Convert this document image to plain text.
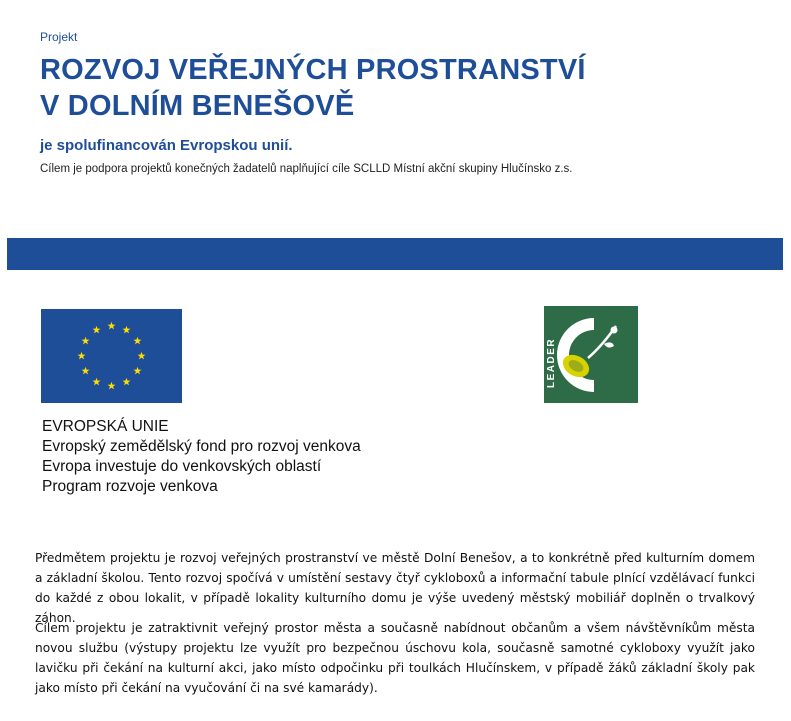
Projekt
ROZVOJ VEŘEJNÝCH PROSTRANSTVÍ
V DOLNÍM BENEŠOVĚ
je spolufinancován Evropskou unií.
Cílem je podpora projektů konečných žadatelů naplňující cíle SCLLD Místní akční skupiny Hlučínsko z.s.
EVROPSKÁ UNIE
Evropský zemědělský fond pro rozvoj venkova
Evropa investuje do venkovských oblastí
Program rozvoje venkova
LEADER
Předmětem projektu je rozvoj veřejných prostranství ve městě Dolní Benešov, a to konkrétně před kulturním domem a základní školou. Tento rozvoj spočívá v umístění sestavy čtyř cykloboxů a informační tabule plnící vzdělávací funkci do každé z obou lokalit, v případě lokality kulturního domu je výše uvedený městský mobiliář doplněn o trvalkový záhon.
Cílem projektu je zatraktivnit veřejný prostor města a současně nabídnout občanům a všem návštěvníkům města novou službu (výstupy projektu lze využít pro bezpečnou úschovu kola, současně samotné cykloboxy využít jako lavičku při čekání na kulturní akci, jako místo odpočinku při toulkách Hlučínskem, v případě žáků základní školy pak jako místo při čekání na vyučování či na své kamarády).
